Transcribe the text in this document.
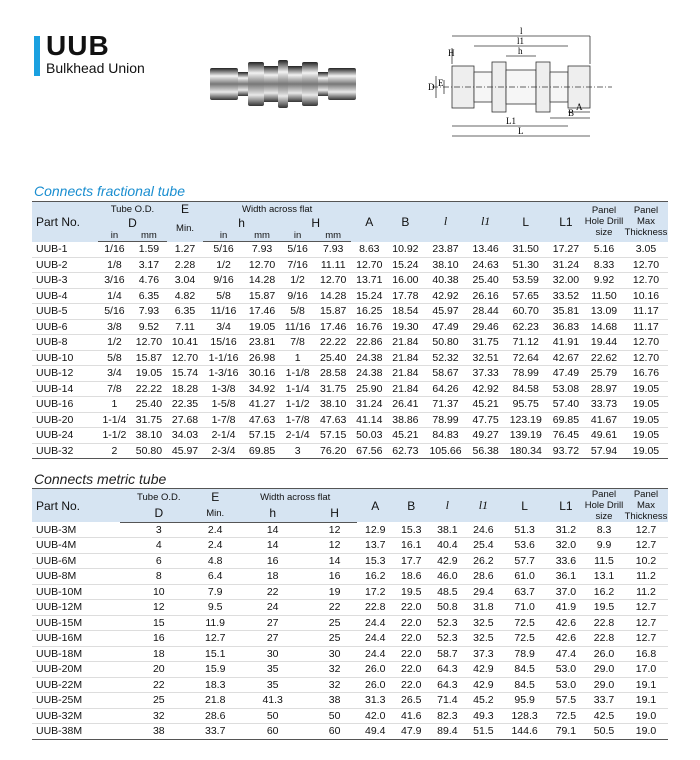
UUB
Bulkhead Union
l
l1
h
H
D E
A
B
L1
L
Connects fractional tube
Part No.	Tube O.D.		E	Width across flat				A	B	l	l1	L	L1	Panel Hole Drill size	Panel Max Thickness
	D		Min.	h		H									
	in	mm		in	mm	in	mm								
UUB-1	1/16	1.59	1.27	5/16	7.93	5/16	7.93	8.63	10.92	23.87	13.46	31.50	17.27	5.16	3.05
UUB-2	1/8	3.17	2.28	1/2	12.70	7/16	11.11	12.70	15.24	38.10	24.63	51.30	31.24	8.33	12.70
UUB-3	3/16	4.76	3.04	9/16	14.28	1/2	12.70	13.71	16.00	40.38	25.40	53.59	32.00	9.92	12.70
UUB-4	1/4	6.35	4.82	5/8	15.87	9/16	14.28	15.24	17.78	42.92	26.16	57.65	33.52	11.50	10.16
UUB-5	5/16	7.93	6.35	11/16	17.46	5/8	15.87	16.25	18.54	45.97	28.44	60.70	35.81	13.09	11.17
UUB-6	3/8	9.52	7.11	3/4	19.05	11/16	17.46	16.76	19.30	47.49	29.46	62.23	36.83	14.68	11.17
UUB-8	1/2	12.70	10.41	15/16	23.81	7/8	22.22	22.86	21.84	50.80	31.75	71.12	41.91	19.44	12.70
UUB-10	5/8	15.87	12.70	1-1/16	26.98	1	25.40	24.38	21.84	52.32	32.51	72.64	42.67	22.62	12.70
UUB-12	3/4	19.05	15.74	1-3/16	30.16	1-1/8	28.58	24.38	21.84	58.67	37.33	78.99	47.49	25.79	16.76
UUB-14	7/8	22.22	18.28	1-3/8	34.92	1-1/4	31.75	25.90	21.84	64.26	42.92	84.58	53.08	28.97	19.05
UUB-16	1	25.40	22.35	1-5/8	41.27	1-1/2	38.10	31.24	26.41	71.37	45.21	95.75	57.40	33.73	19.05
UUB-20	1-1/4	31.75	27.68	1-7/8	47.63	1-7/8	47.63	41.14	38.86	78.99	47.75	123.19	69.85	41.67	19.05
UUB-24	1-1/2	38.10	34.03	2-1/4	57.15	2-1/4	57.15	50.03	45.21	84.83	49.27	139.19	76.45	49.61	19.05
UUB-32	2	50.80	45.97	2-3/4	69.85	3	76.20	67.56	62.73	105.66	56.38	180.34	93.72	57.94	19.05
Connects metric tube
Part No.	Tube O.D.	E	Width across flat		A	B	l	l1	L	L1	Panel Hole Drill size	Panel Max Thickness
	D	Min.	h	H								
UUB-3M	3	2.4	14	12	12.9	15.3	38.1	24.6	51.3	31.2	8.3	12.7
UUB-4M	4	2.4	14	12	13.7	16.1	40.4	25.4	53.6	32.0	9.9	12.7
UUB-6M	6	4.8	16	14	15.3	17.7	42.9	26.2	57.7	33.6	11.5	10.2
UUB-8M	8	6.4	18	16	16.2	18.6	46.0	28.6	61.0	36.1	13.1	11.2
UUB-10M	10	7.9	22	19	17.2	19.5	48.5	29.4	63.7	37.0	16.2	11.2
UUB-12M	12	9.5	24	22	22.8	22.0	50.8	31.8	71.0	41.9	19.5	12.7
UUB-15M	15	11.9	27	25	24.4	22.0	52.3	32.5	72.5	42.6	22.8	12.7
UUB-16M	16	12.7	27	25	24.4	22.0	52.3	32.5	72.5	42.6	22.8	12.7
UUB-18M	18	15.1	30	30	24.4	22.0	58.7	37.3	78.9	47.4	26.0	16.8
UUB-20M	20	15.9	35	32	26.0	22.0	64.3	42.9	84.5	53.0	29.0	17.0
UUB-22M	22	18.3	35	32	26.0	22.0	64.3	42.9	84.5	53.0	29.0	19.1
UUB-25M	25	21.8	41.3	38	31.3	26.5	71.4	45.2	95.9	57.5	33.7	19.1
UUB-32M	32	28.6	50	50	42.0	41.6	82.3	49.3	128.3	72.5	42.5	19.0
UUB-38M	38	33.7	60	60	49.4	47.9	89.4	51.5	144.6	79.1	50.5	19.0
